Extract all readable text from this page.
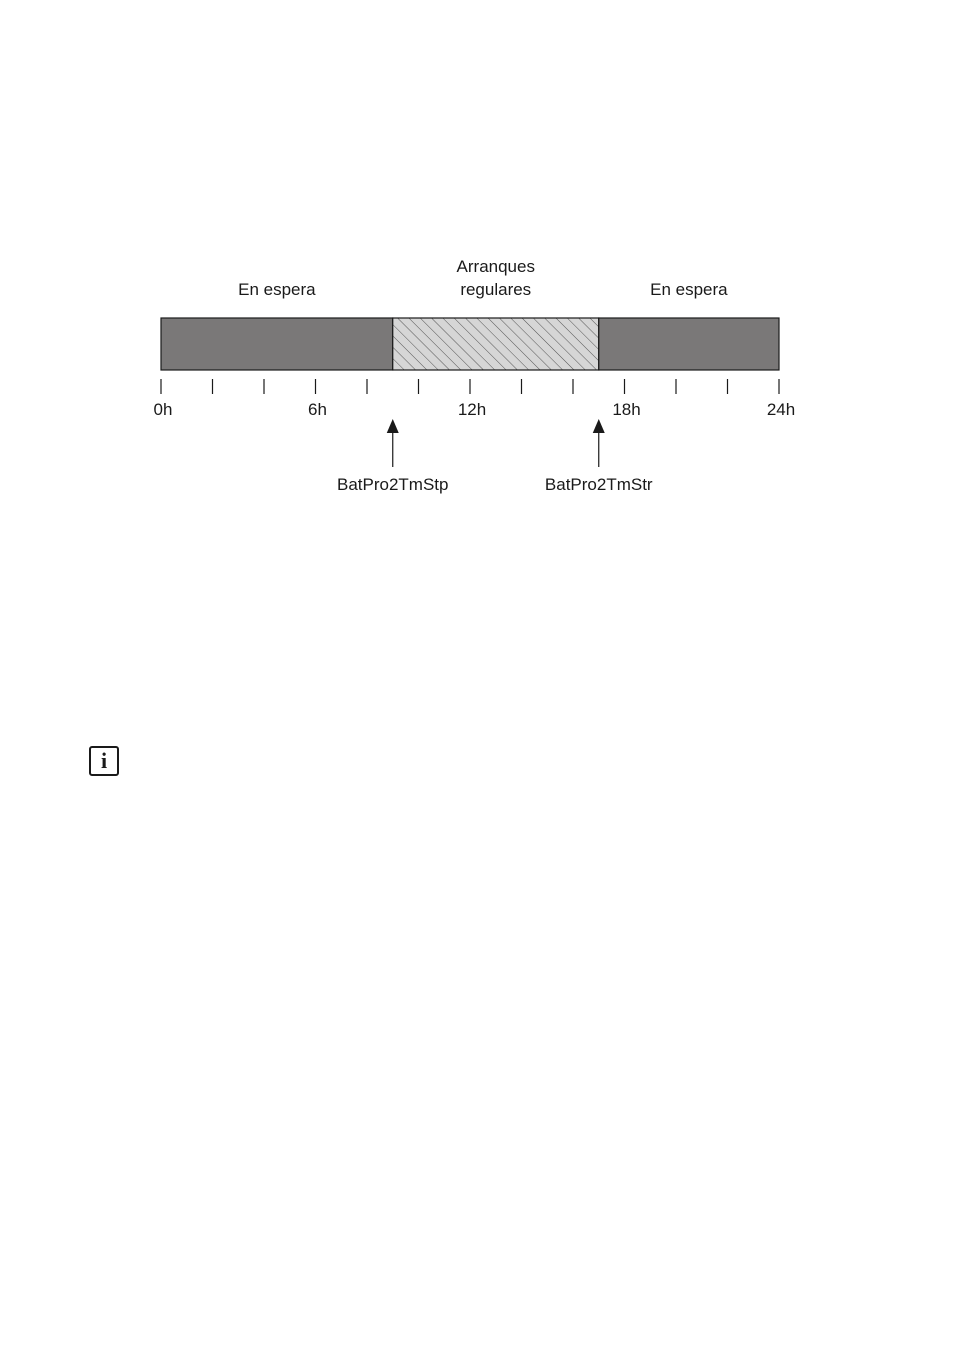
En espera
Arranques
regulares	En espera
0h	6h	12h	18h	24h
BatPro2TmStp	BatPro2TmStr
i
